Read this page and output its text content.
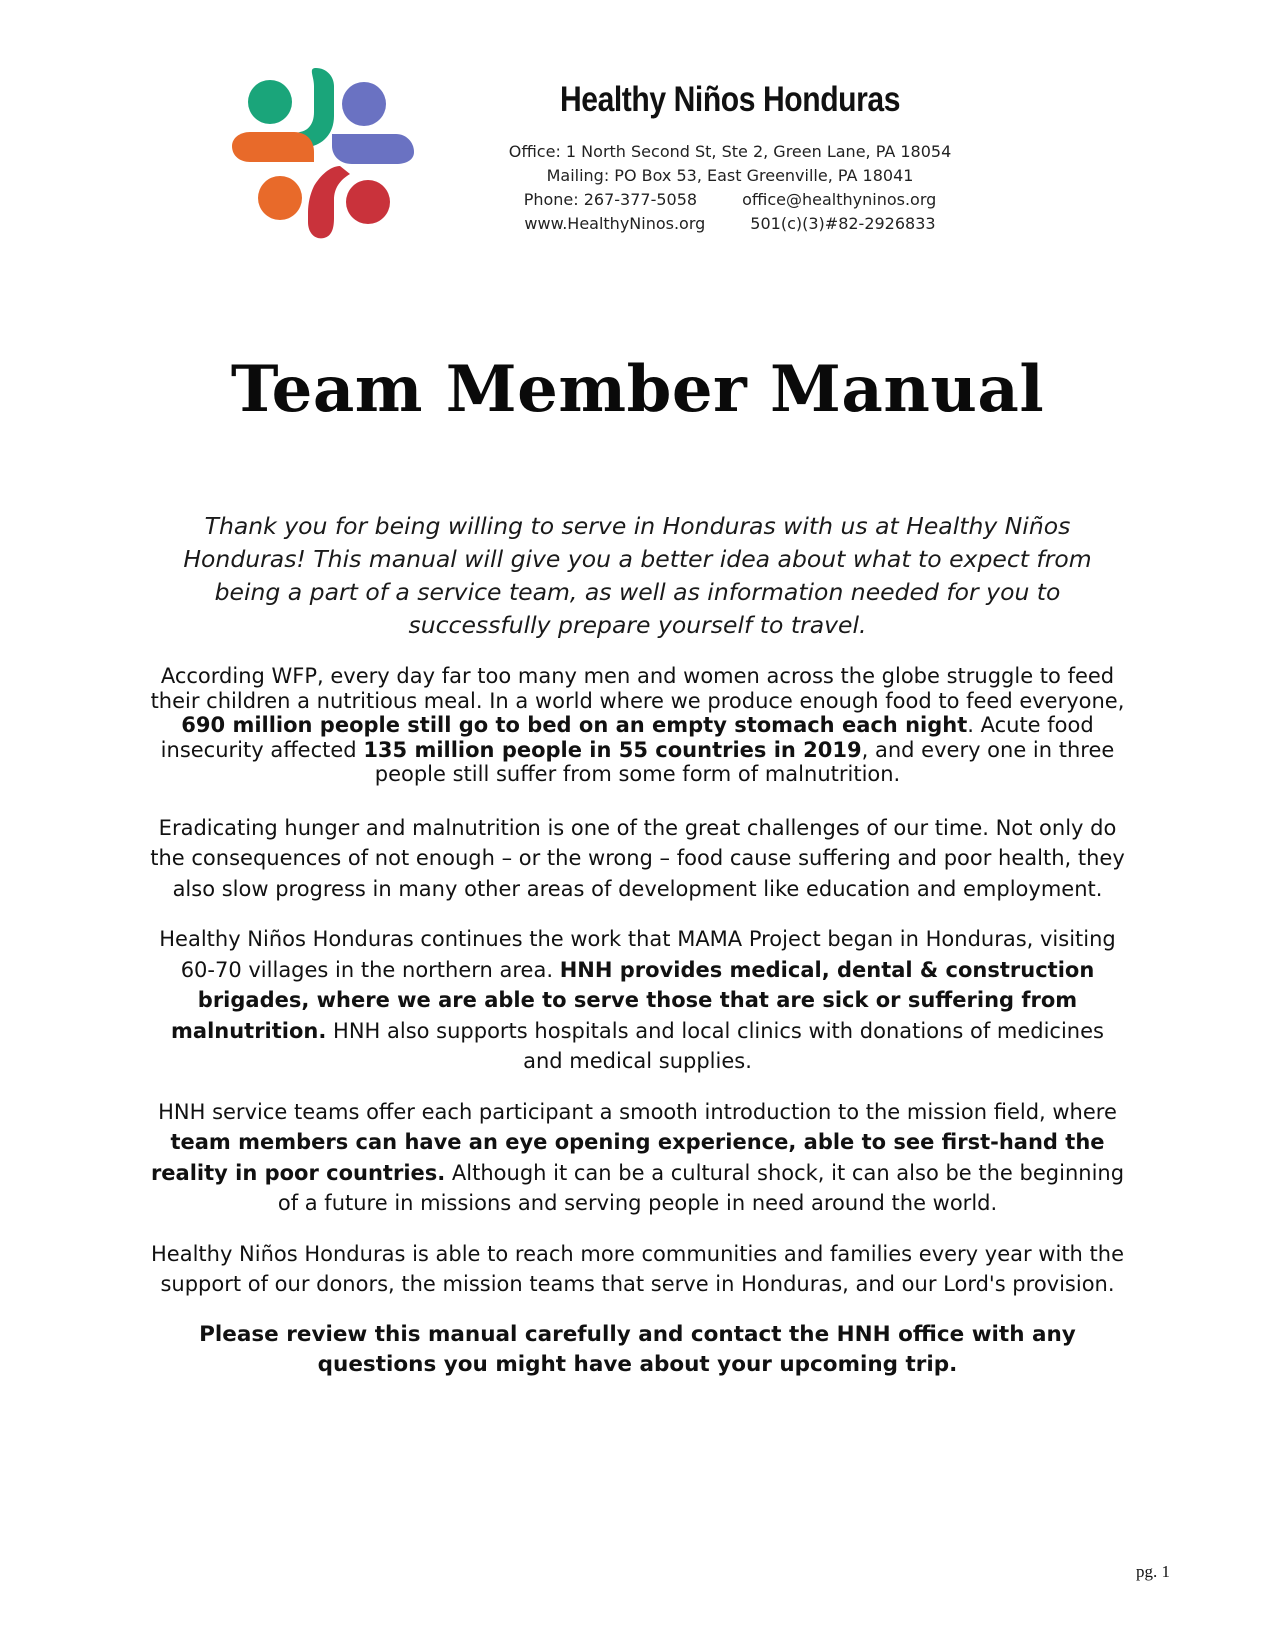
Healthy Niños Honduras
Office: 1 North Second St, Ste 2, Green Lane, PA 18054
Mailing: PO Box 53, East Greenville, PA 18041
Phone: 267-377-5058	office@healthyninos.org
www.HealthyNinos.org	501(c)(3)#82-2926833
Team Member Manual

Thank you for being willing to serve in Honduras with us at Healthy Niños Honduras! This manual will give you a better idea about what to expect from being a part of a service team, as well as information needed for you to successfully prepare yourself to travel.

According WFP, every day far too many men and women across the globe struggle to feed their children a nutritious meal. In a world where we produce enough food to feed everyone, 690 million people still go to bed on an empty stomach each night. Acute food insecurity affected 135 million people in 55 countries in 2019, and every one in three people still suffer from some form of malnutrition.

Eradicating hunger and malnutrition is one of the great challenges of our time. Not only do the consequences of not enough – or the wrong – food cause suffering and poor health, they also slow progress in many other areas of development like education and employment.

Healthy Niños Honduras continues the work that MAMA Project began in Honduras, visiting 60-70 villages in the northern area. HNH provides medical, dental & construction brigades, where we are able to serve those that are sick or suffering from malnutrition. HNH also supports hospitals and local clinics with donations of medicines and medical supplies.

HNH service teams offer each participant a smooth introduction to the mission field, where team members can have an eye opening experience, able to see first-hand the reality in poor countries. Although it can be a cultural shock, it can also be the beginning of a future in missions and serving people in need around the world.

Healthy Niños Honduras is able to reach more communities and families every year with the support of our donors, the mission teams that serve in Honduras, and our Lord's provision.

Please review this manual carefully and contact the HNH office with any questions you might have about your upcoming trip.

pg. 1
